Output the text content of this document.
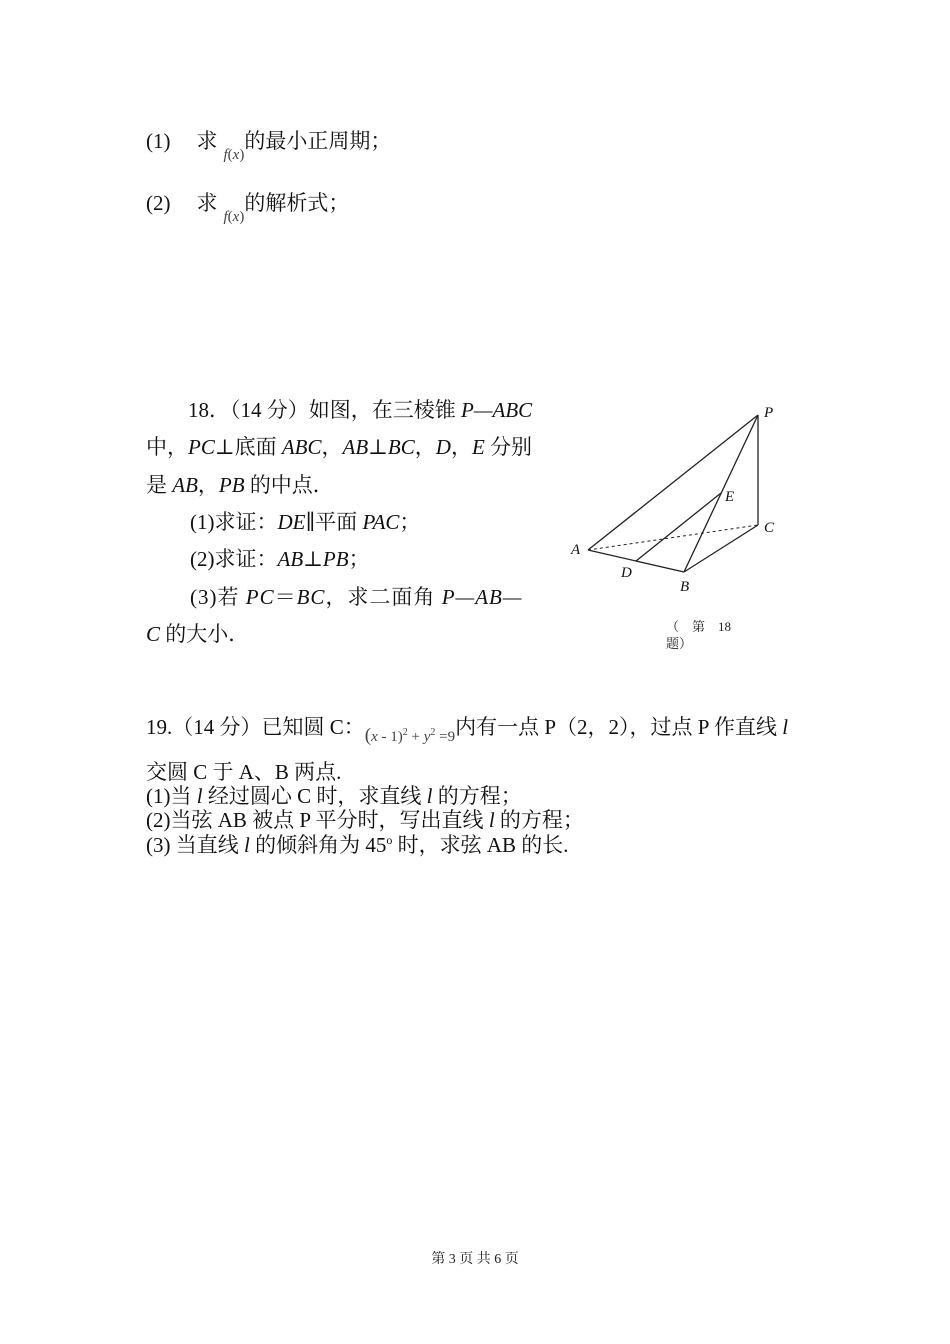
(1) 求$_{f(x)}$的最小正周期；
(2) 求$_{f(x)}$的解析式；
18．（14 分）如图，在三棱锥 P—ABC
中，PC⊥底面 ABC，AB⊥BC，D，E 分别
是 AB，PB 的中点．
(1)求证：DE∥平面 PAC；
(2)求证：AB⊥PB；
(3)若 PC＝BC，求二面角 P—AB—
C 的大小．
P
A
B
C
D
E
（　第　18
题）
19.（14 分）已知圆 C：$_{(x - 1)^2 + y^2 =9}$内有一点 P（2，2），过点 P 作直线 l
交圆 C 于 A、B 两点.
(1)当 l 经过圆心 C 时，求直线 l 的方程；
(2)当弦 AB 被点 P 平分时，写出直线 l 的方程；
(3) 当直线 l 的倾斜角为 45$^o$ 时，求弦 AB 的长.
第 3 页 共 6 页
